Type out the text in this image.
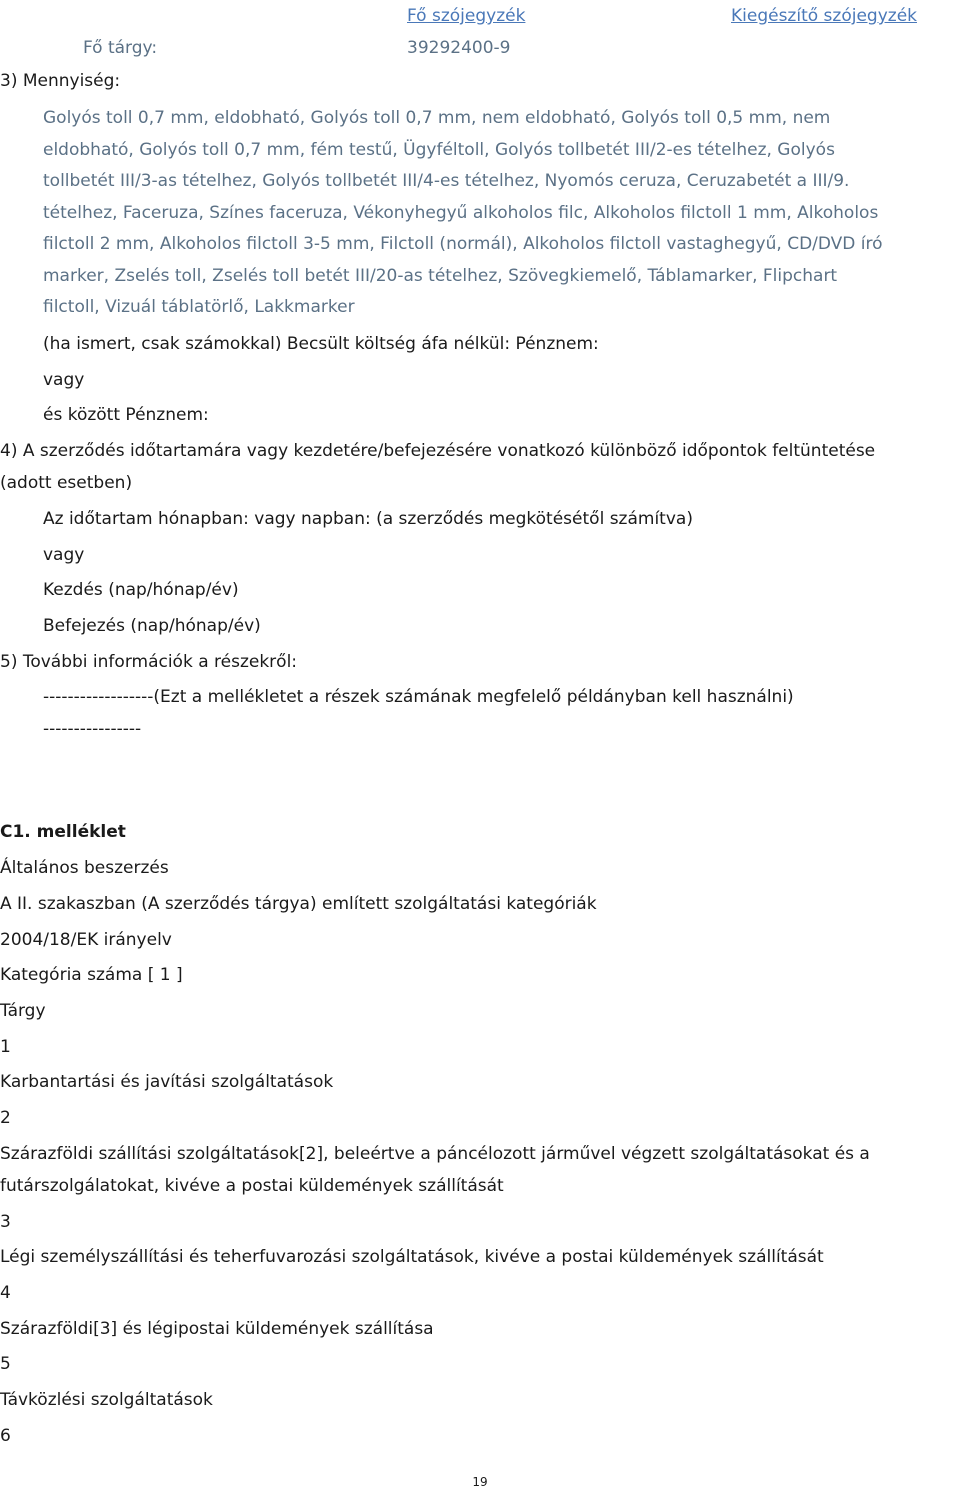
Fő szójegyzék	Kiegészítő szójegyzék
Fő tárgy:	39292400-9
3) Mennyiség:
Golyós toll 0,7 mm, eldobható, Golyós toll 0,7 mm, nem eldobható, Golyós toll 0,5 mm, nem
eldobható, Golyós toll 0,7 mm, fém testű, Ügyféltoll, Golyós tollbetét III/2-es tételhez, Golyós
tollbetét III/3-as tételhez, Golyós tollbetét III/4-es tételhez, Nyomós ceruza, Ceruzabetét a III/9.
tételhez, Faceruza, Színes faceruza, Vékonyhegyű alkoholos filc, Alkoholos filctoll 1 mm, Alkoholos
filctoll 2 mm, Alkoholos filctoll 3-5 mm, Filctoll (normál), Alkoholos filctoll vastaghegyű, CD/DVD író
marker, Zselés toll, Zselés toll betét III/20-as tételhez, Szövegkiemelő, Táblamarker, Flipchart
filctoll, Vizuál táblatörlő, Lakkmarker
(ha ismert, csak számokkal) Becsült költség áfa nélkül: Pénznem:
vagy
és között Pénznem:
4) A szerződés időtartamára vagy kezdetére/befejezésére vonatkozó különböző időpontok feltüntetése
(adott esetben)
Az időtartam hónapban: vagy napban: (a szerződés megkötésétől számítva)
vagy
Kezdés (nap/hónap/év)
Befejezés (nap/hónap/év)
5) További információk a részekről:
------------------(Ezt a mellékletet a részek számának megfelelő példányban kell használni)
----------------
C1. melléklet
Általános beszerzés
A II. szakaszban (A szerződés tárgya) említett szolgáltatási kategóriák
2004/18/EK irányelv
Kategória száma [ 1 ]
Tárgy
1
Karbantartási és javítási szolgáltatások
2
Szárazföldi szállítási szolgáltatások[2], beleértve a páncélozott járművel végzett szolgáltatásokat és a
futárszolgálatokat, kivéve a postai küldemények szállítását
3
Légi személyszállítási és teherfuvarozási szolgáltatások, kivéve a postai küldemények szállítását
4
Szárazföldi[3] és légipostai küldemények szállítása
5
Távközlési szolgáltatások
6
19
